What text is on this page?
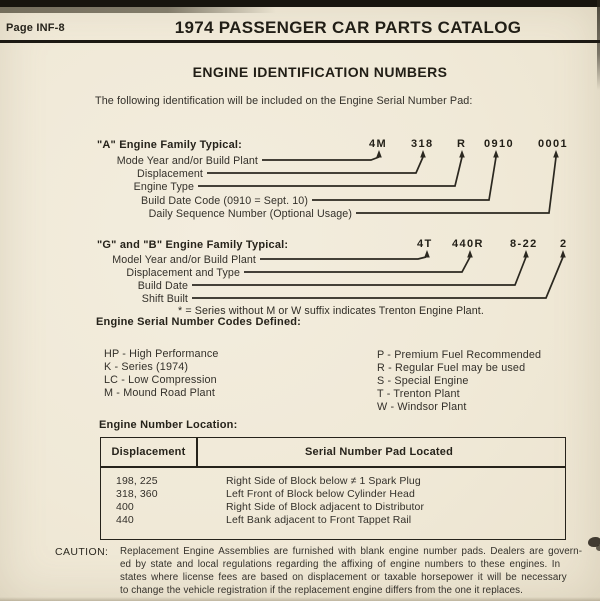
Page INF-8	1974 PASSENGER CAR PARTS CATALOG
ENGINE IDENTIFICATION NUMBERS
The following identification will be included on the Engine Serial Number Pad:
"A" Engine Family Typical:	4M 318 R 0910 0001
Mode Year and/or Build Plant
Displacement
Engine Type
Build Date Code (0910 = Sept. 10)
Daily Sequence Number (Optional Usage)
"G" and "B" Engine Family Typical:	4T 440R 8-22 2
Model Year and/or Build Plant
Displacement and Type
Build Date
Shift Built
* = Series without M or W suffix indicates Trenton Engine Plant.
Engine Serial Number Codes Defined:
HP - High Performance
K - Series (1974)
LC - Low Compression
M - Mound Road Plant
P - Premium Fuel Recommended
R - Regular Fuel may be used
S - Special Engine
T - Trenton Plant
W - Windsor Plant
Engine Number Location:
Displacement	Serial Number Pad Located
198, 225	Right Side of Block below ≠ 1 Spark Plug
318, 360	Left Front of Block below Cylinder Head
400	Right Side of Block adjacent to Distributor
440	Left Bank adjacent to Front Tappet Rail
CAUTION: Replacement Engine Assemblies are furnished with blank engine number pads. Dealers are govern-
ed by state and local regulations regarding the affixing of engine numbers to these engines. In
states where license fees are based on displacement or taxable horsepower it will be necessary
to change the vehicle registration if the replacement engine differs from the one it replaces.
